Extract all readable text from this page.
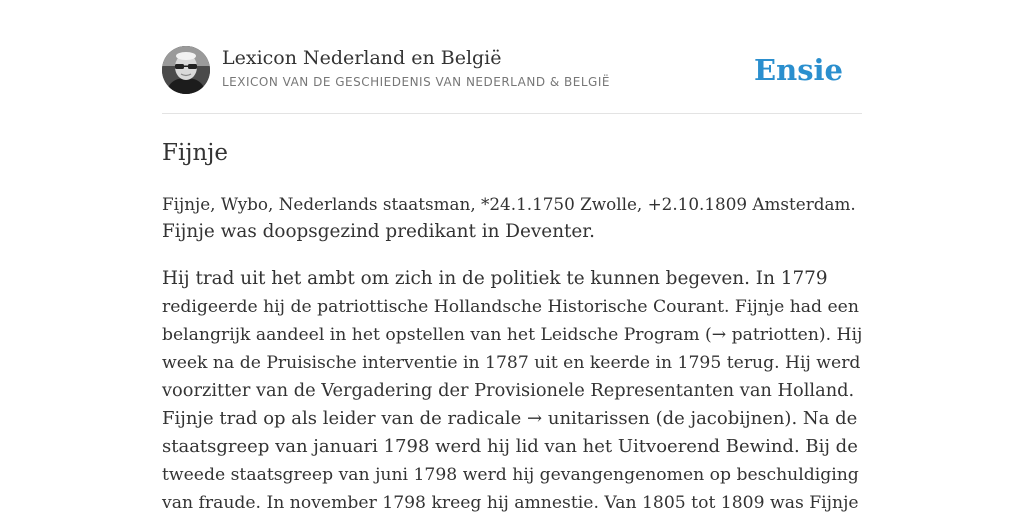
Lexicon Nederland en België
LEXICON VAN DE GESCHIEDENIS VAN NEDERLAND & BELGIË	Ensie
Fijnje

Fijnje, Wybo, Nederlands staatsman, *24.1.1750 Zwolle, +2.10.1809 Amsterdam.
Fijnje was doopsgezind predikant in Deventer.

Hij trad uit het ambt om zich in de politiek te kunnen begeven. In 1779
redigeerde hij de patriottische Hollandsche Historische Courant. Fijnje had een
belangrijk aandeel in het opstellen van het Leidsche Program (→ patriotten). Hij
week na de Pruisische interventie in 1787 uit en keerde in 1795 terug. Hij werd
voorzitter van de Vergadering der Provisionele Representanten van Holland.
Fijnje trad op als leider van de radicale → unitarissen (de jacobijnen). Na de
staatsgreep van januari 1798 werd hij lid van het Uitvoerend Bewind. Bij de
tweede staatsgreep van juni 1798 werd hij gevangengenomen op beschuldiging
van fraude. In november 1798 kreeg hij amnestie. Van 1805 tot 1809 was Fijnje
